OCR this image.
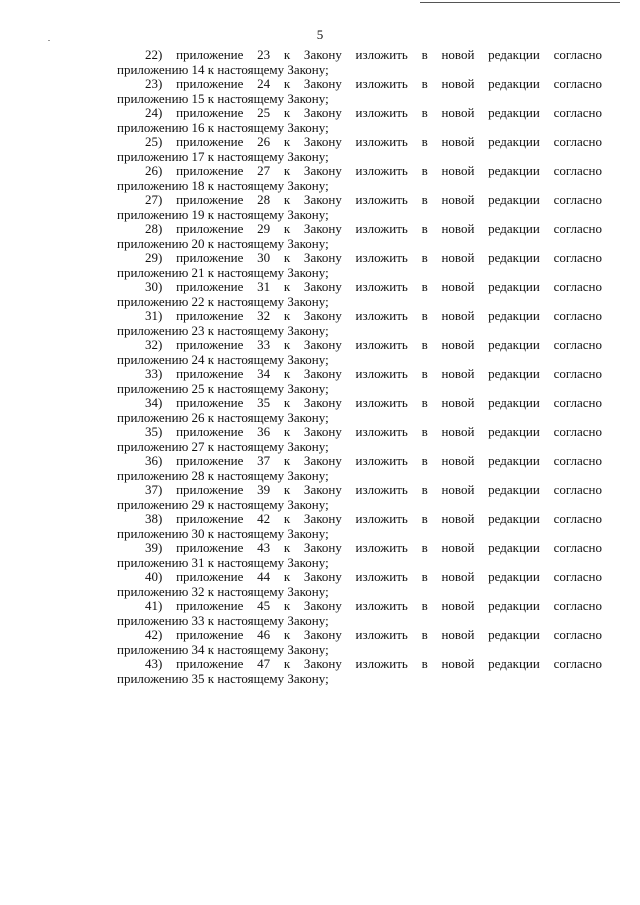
5
22) приложение 23 к Закону изложить в новой редакции согласно
приложению 14 к настоящему Закону;
23) приложение 24 к Закону изложить в новой редакции согласно
приложению 15 к настоящему Закону;
24) приложение 25 к Закону изложить в новой редакции согласно
приложению 16 к настоящему Закону;
25) приложение 26 к Закону изложить в новой редакции согласно
приложению 17 к настоящему Закону;
26) приложение 27 к Закону изложить в новой редакции согласно
приложению 18 к настоящему Закону;
27) приложение 28 к Закону изложить в новой редакции согласно
приложению 19 к настоящему Закону;
28) приложение 29 к Закону изложить в новой редакции согласно
приложению 20 к настоящему Закону;
29) приложение 30 к Закону изложить в новой редакции согласно
приложению 21 к настоящему Закону;
30) приложение 31 к Закону изложить в новой редакции согласно
приложению 22 к настоящему Закону;
31) приложение 32 к Закону изложить в новой редакции согласно
приложению 23 к настоящему Закону;
32) приложение 33 к Закону изложить в новой редакции согласно
приложению 24 к настоящему Закону;
33) приложение 34 к Закону изложить в новой редакции согласно
приложению 25 к настоящему Закону;
34) приложение 35 к Закону изложить в новой редакции согласно
приложению 26 к настоящему Закону;
35) приложение 36 к Закону изложить в новой редакции согласно
приложению 27 к настоящему Закону;
36) приложение 37 к Закону изложить в новой редакции согласно
приложению 28 к настоящему Закону;
37) приложение 39 к Закону изложить в новой редакции согласно
приложению 29 к настоящему Закону;
38) приложение 42 к Закону изложить в новой редакции согласно
приложению 30 к настоящему Закону;
39) приложение 43 к Закону изложить в новой редакции согласно
приложению 31 к настоящему Закону;
40) приложение 44 к Закону изложить в новой редакции согласно
приложению 32 к настоящему Закону;
41) приложение 45 к Закону изложить в новой редакции согласно
приложению 33 к настоящему Закону;
42) приложение 46 к Закону изложить в новой редакции согласно
приложению 34 к настоящему Закону;
43) приложение 47 к Закону изложить в новой редакции согласно
приложению 35 к настоящему Закону;
